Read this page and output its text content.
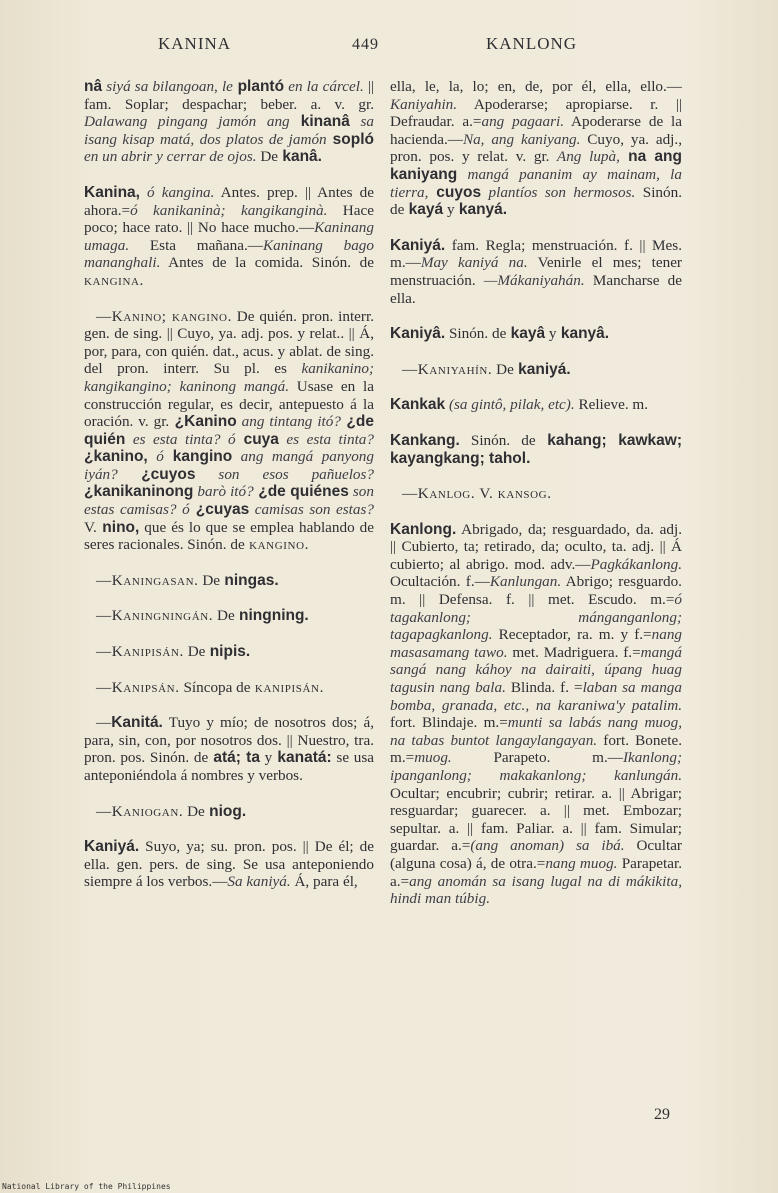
KANINA	449	KANLONG

nâ siyá sa bilangoan, le plantó en la cárcel. || fam. Soplar; despachar; beber. a. v. gr. Dalawang pingang jamón ang kinanâ sa isang kisap matá, dos platos de jamón sopló en un abrir y cerrar de ojos. De kanâ.

Kanina, ó kangina. Antes. prep. || Antes de ahora.=ó kanikaninà; kangikanginà. Hace poco; hace rato. || No hace mucho.—Kaninang umaga. Esta mañana.—Kaninang bago mananghali. Antes de la comida. Sinón. de kangina.

—Kanino; kangino. De quién. pron. interr. gen. de sing. || Cuyo, ya. adj. pos. y relat.. || Á, por, para, con quién. dat., acus. y ablat. de sing. del pron. interr. Su pl. es kanikanino; kangikangino; kaninong mangá. Usase en la construcción regular, es decir, antepuesto á la oración. v. gr. ¿Kanino ang tintang itó? ¿de quién es esta tinta? ó cuya es esta tinta? ¿kanino, ó kangino ang mangá panyong iyán? ¿cuyos son esos pañuelos? ¿kanikaninong barò itó? ¿de quiénes son estas camisas? ó ¿cuyas camisas son estas? V. nino, que és lo que se emplea hablando de seres racionales. Sinón. de kangino.

—Kaningasan. De ningas.

—Kaningningán. De ningning.

—Kanipisán. De nipis.

—Kanipsán. Síncopa de kanipisán.

—Kanitá. Tuyo y mío; de nosotros dos; á, para, sin, con, por nosotros dos. || Nuestro, tra. pron. pos. Sinón. de atá; ta y kanatá: se usa anteponiéndola á nombres y verbos.

—Kaniogan. De niog.

Kaniyá. Suyo, ya; su. pron. pos. || De él; de ella. gen. pers. de sing. Se usa anteponiendo siempre á los verbos.—Sa kaniyá. Á, para él,

ella, le, la, lo; en, de, por él, ella, ello.—Kaniyahin. Apoderarse; apropiarse. r. || Defraudar. a.=ang pagaari. Apoderarse de la hacienda.—Na, ang kaniyang. Cuyo, ya. adj., pron. pos. y relat. v. gr. Ang lupà, na ang kaniyang mangá pananim ay mainam, la tierra, cuyos plantíos son hermosos. Sinón. de kayá y kanyá.

Kaniyá. fam. Regla; menstruación. f. || Mes. m.—May kaniyá na. Venirle el mes; tener menstruación. —Mákaniyahán. Mancharse de ella.

Kaniyâ. Sinón. de kayâ y kanyâ.

—Kaniyahín. De kaniyá.

Kankak (sa gintô, pilak, etc). Relieve. m.

Kankang. Sinón. de kahang; kawkaw; kayangkang; tahol.

—Kanlog. V. kansog.

Kanlong. Abrigado, da; resguardado, da. adj. || Cubierto, ta; retirado, da; oculto, ta. adj. || Á cubierto; al abrigo. mod. adv.—Pagkákanlong. Ocultación. f.—Kanlungan. Abrigo; resguardo. m. || Defensa. f. || met. Escudo. m.=ó tagakanlong; mánganganlong; tagapagkanlong. Receptador, ra. m. y f.=nang masasamang tawo. met. Madriguera. f.=mangá sangá nang káhoy na dairaiti, úpang huag tagusin nang bala. Blinda. f. =laban sa manga bomba, granada, etc., na karaniwa'y patalim. fort. Blindaje. m.=munti sa labás nang muog, na tabas buntot langaylangayan. fort. Bonete. m.=muog. Parapeto. m.—Ikanlong; ipanganlong; makakanlong; kanlungán. Ocultar; encubrir; cubrir; retirar. a. || Abrigar; resguardar; guarecer. a. || met. Embozar; sepultar. a. || fam. Paliar. a. || fam. Simular; guardar. a.=(ang anoman) sa ibá. Ocultar (alguna cosa) á, de otra.=nang muog. Parapetar. a.=ang anomán sa isang lugal na di mákikita, hindi man túbig.

29
National Library of the Philippines
